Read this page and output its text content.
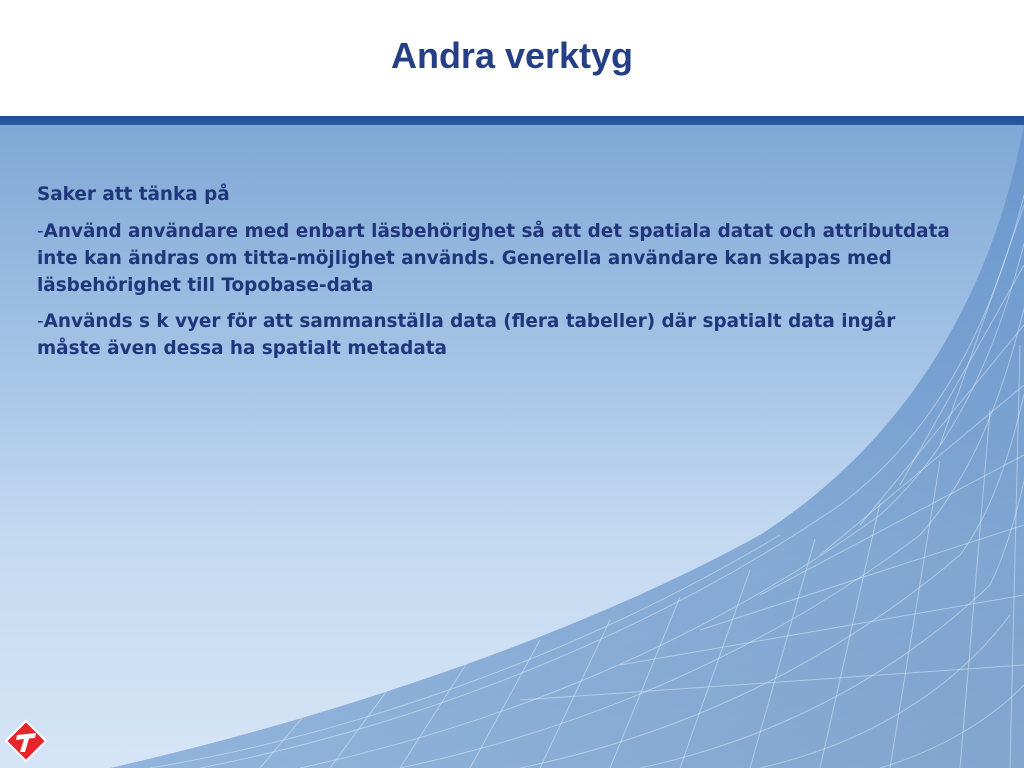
Andra verktyg
Saker att tänka på
-Använd användare med enbart läsbehörighet så att det spatiala datat och attributdata inte kan ändras om titta-möjlighet används. Generella användare kan skapas med läsbehörighet till Topobase-data
-Används s k vyer för att sammanställa data (flera tabeller) där spatialt data ingår måste även dessa ha spatialt metadata
